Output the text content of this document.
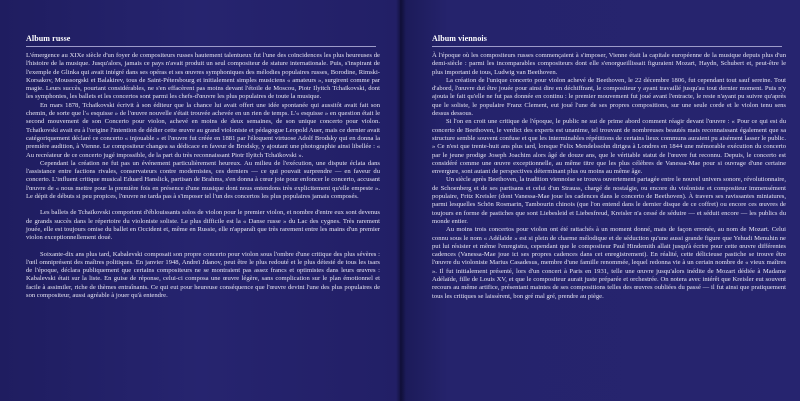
Album russe

L'émergence au XIXe siècle d'un foyer de compositeurs russes hautement talentueux fut l'une des coïncidences les plus heureuses de l'histoire de la musique. Jusqu'alors, jamais ce pays n'avait produit un seul compositeur de stature internationale. Puis, s'inspirant de l'exemple de Glinka qui avait intégré dans ses opéras et ses œuvres symphoniques des mélodies populaires russes, Borodine, Rimski-Korsakov, Moussorgski et Balakirev, tous de Saint-Pétersbourg et initialement simples musiciens « amateurs », surgirent comme par magie. Leurs succès, pourtant considérables, ne s'en effacèrent pas moins devant l'étoile de Moscou, Piotr Ilyitch Tchaïkovski, dont les symphonies, les ballets et les concertos sont parmi les chefs-d'œuvre les plus populaires de toute la musique.

En mars 1878, Tchaïkovski écrivit à son éditeur que la chance lui avait offert une idée spontanée qui aussitôt avait fait son chemin, de sorte que l'« esquisse » de l'œuvre nouvelle s'était trouvée achevée en un rien de temps. L'« esquisse » en question était le second mouvement de son Concerto pour violon, achevé en moins de deux semaines, de son unique concerto pour violon. Tchaïkovski avait eu à l'origine l'intention de dédier cette œuvre au grand violoniste et pédagogue Leopold Auer, mais ce dernier avait catégoriquement déclaré ce concerto « injouable » et l'œuvre fut créée en 1881 par l'éloquent virtuose Adolf Brodsky qui en donna la première audition, à Vienne. Le compositeur changea sa dédicace en faveur de Brodsky, y ajoutant une photographie ainsi libellée : « Au recréateur de ce concerto jugé impossible, de la part du très reconnaissant Piotr Ilyitch Tchaïkovski ».

Cependant la création ne fut pas un événement particulièrement heureux. Au milieu de l'exécution, une dispute éclata dans l'assistance entre factions rivales, conservateurs contre modernistes, ces derniers — ce qui pouvait surprendre — en faveur du concerto. L'influent critique musical Eduard Hanslick, partisan de Brahms, s'en donna à cœur joie pour enfoncer le concerto, accusant l'œuvre de « nous mettre pour la première fois en présence d'une musique dont nous entendons très explicitement qu'elle empeste ». Le dépit de débuts si peu propices, l'œuvre ne tarda pas à s'imposer tel l'un des concertos les plus populaires jamais composés.

Les ballets de Tchaïkovski comportent d'éblouissants solos de violon pour le premier violon, et nombre d'entre eux sont devenus de grands succès dans le répertoire du violoniste soliste. Le plus difficile est la « Danse russe » du Lac des cygnes. Très rarement jouée, elle est toujours omise du ballet en Occident et, même en Russie, elle n'apparaît que très rarement entre les mains d'un premier violon exceptionnellement doué.

Soixante-dix ans plus tard, Kabalevski composait son propre concerto pour violon sous l'ombre d'une critique des plus sévères : l'œil omniprésent des maîtres politiques. En janvier 1948, Andreï Jdanov, peut être le plus redouté et le plus détesté de tous les tsars de l'époque, déclara publiquement que certains compositeurs ne se montraient pas assez francs et optimistes dans leurs œuvres : Kabalevski était sur la liste. En guise de réponse, celui-ci composa une œuvre légère, sans complication sur le plan émotionnel et facile à assimiler, riche de thèmes entraînants. Ce qui eut pour heureuse conséquence que l'œuvre devint l'une des plus populaires de son compositeur, aussi agréable à jouer qu'à entendre.

Album viennois

À l'époque où les compositeurs russes commençaient à s'imposer, Vienne était la capitale européenne de la musique depuis plus d'un demi-siècle : parmi les incomparables compositeurs dont elle s'enorgueillissait figuraient Mozart, Haydn, Schubert et, peut-être le plus important de tous, Ludwig van Beethoven.

La création de l'unique concerto pour violon achevé de Beethoven, le 22 décembre 1806, fut cependant tout sauf sereine. Tout d'abord, l'œuvre dut être jouée pour ainsi dire en déchiffrant, le compositeur y ayant travaillé jusqu'au tout dernier moment. Puis n'y ajouta le fait qu'elle ne fut pas donnée en continu : le premier mouvement fut joué avant l'entracte, le reste n'ayant pu suivre qu'après que le soliste, le populaire Franz Clement, eut joué l'une de ses propres compositions, sur une seule corde et le violon tenu sens dessus dessous.

Si l'on en croit une critique de l'époque, le public ne sut de prime abord comment réagir devant l'œuvre : « Pour ce qui est du concerto de Beethoven, le verdict des experts est unanime, tel trouvant de nombreuses beautés mais reconnaissant également que sa structure semble souvent confuse et que les interminables répétitions de certains lieux communs auraient pu aisément lasser le public. » Ce n'est que trente-huit ans plus tard, lorsque Felix Mendelssohn dirigea à Londres en 1844 une mémorable exécution du concerto par le jeune prodige Joseph Joachim alors âgé de douze ans, que le véritable statut de l'œuvre fut reconnu. Depuis, le concerto est considéré comme une œuvre exceptionnelle, au même titre que les plus célèbres de Vanessa-Mae pour si ouvrage d'une certaine envergure, sont autant de perspectives déterminant plus ou moins au même âge.

Un siècle après Beethoven, la tradition viennoise se trouva ouvertement partagée entre le nouvel univers sonore, révolutionnaire, de Schoenberg et de ses partisans et celui d'un Strauss, chargé de nostalgie, ou encore du violoniste et compositeur immensément populaire, Fritz Kreisler (dont Vanessa-Mae joue les cadences dans le concerto de Beethoven). À travers ses ravissantes miniatures, parmi lesquelles Schön Rosmarin, Tambourin chinois (que l'on entend dans le dernier disque de ce coffret) ou encore ces œuvres de toujours en forme de pastiches que sont Liebesleid et Liebesfreud, Kreisler n'a cessé de séduire — et séduit encore — les publics du monde entier.

Au moins trois concertos pour violon ont été rattachés à un moment donné, mais de façon erronée, au nom de Mozart. Celui connu sous le nom « Adélaïde » est si plein de charme mélodique et de séduction qu'une aussi grande figure que Yehudi Menuhin ne put lui résister et même l'enregistra, cependant que le compositeur Paul Hindemith allait jusqu'à écrire pour cette œuvre différentes cadences (Vanessa-Mae joue ici ses propres cadences dans cet enregistrement). En réalité, cette délicieuse pastiche se trouve être l'œuvre du violoniste Marius Casadesus, membre d'une famille renommée, lequel redonna vie à un certain nombre de « vieux maîtres ». Il fut initialement présenté, lors d'un concert à Paris en 1931, telle une œuvre jusqu'alors inédite de Mozart dédiée à Madame Adélaïde, fille de Louis XV, et que le compositeur aurait juste préparée et orchestrée. On notera avec intérêt que Kreisler eut souvent recours au même artifice, présentant maintes de ses compositions telles des œuvres oubliées du passé — il fut ainsi que pratiquement tous les critiques se laissèrent, bon gré mal gré, prendre au piège.
